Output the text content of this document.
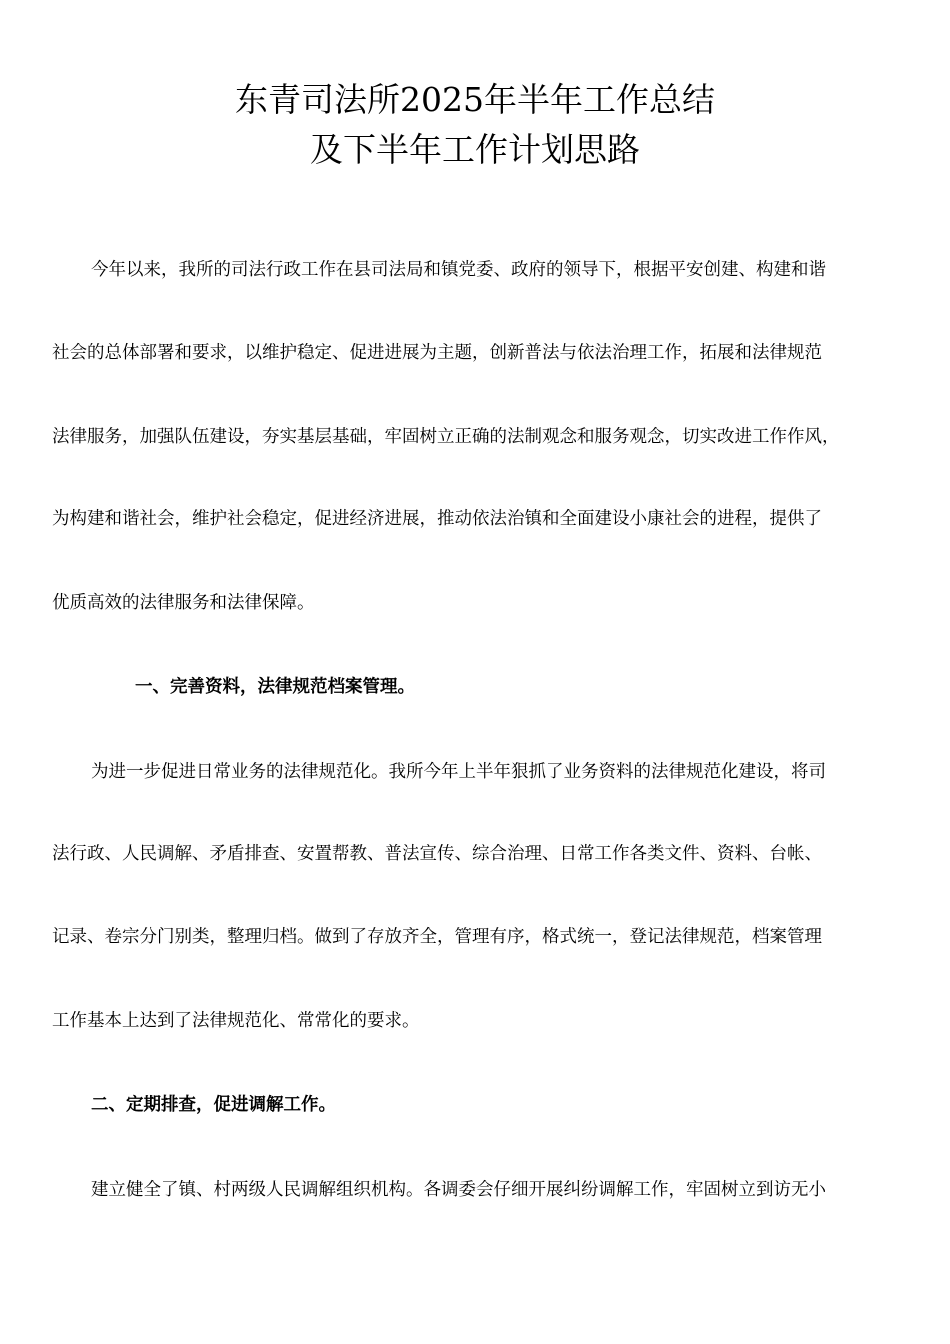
东青司法所2025年半年工作总结
及下半年工作计划思路

今年以来，我所的司法行政工作在县司法局和镇党委、政府的领导下，根据平安创建、构建和谐

社会的总体部署和要求，以维护稳定、促进进展为主题，创新普法与依法治理工作，拓展和法律规范

法律服务，加强队伍建设，夯实基层基础，牢固树立正确的法制观念和服务观念，切实改进工作作风，

为构建和谐社会，维护社会稳定，促进经济进展，推动依法治镇和全面建设小康社会的进程，提供了

优质高效的法律服务和法律保障。

一、完善资料，法律规范档案管理。

为进一步促进日常业务的法律规范化。我所今年上半年狠抓了业务资料的法律规范化建设，将司

法行政、人民调解、矛盾排查、安置帮教、普法宣传、综合治理、日常工作各类文件、资料、台帐、

记录、卷宗分门别类，整理归档。做到了存放齐全，管理有序，格式统一，登记法律规范，档案管理

工作基本上达到了法律规范化、常常化的要求。

二、定期排查，促进调解工作。

建立健全了镇、村两级人民调解组织机构。各调委会仔细开展纠纷调解工作，牢固树立到访无小
